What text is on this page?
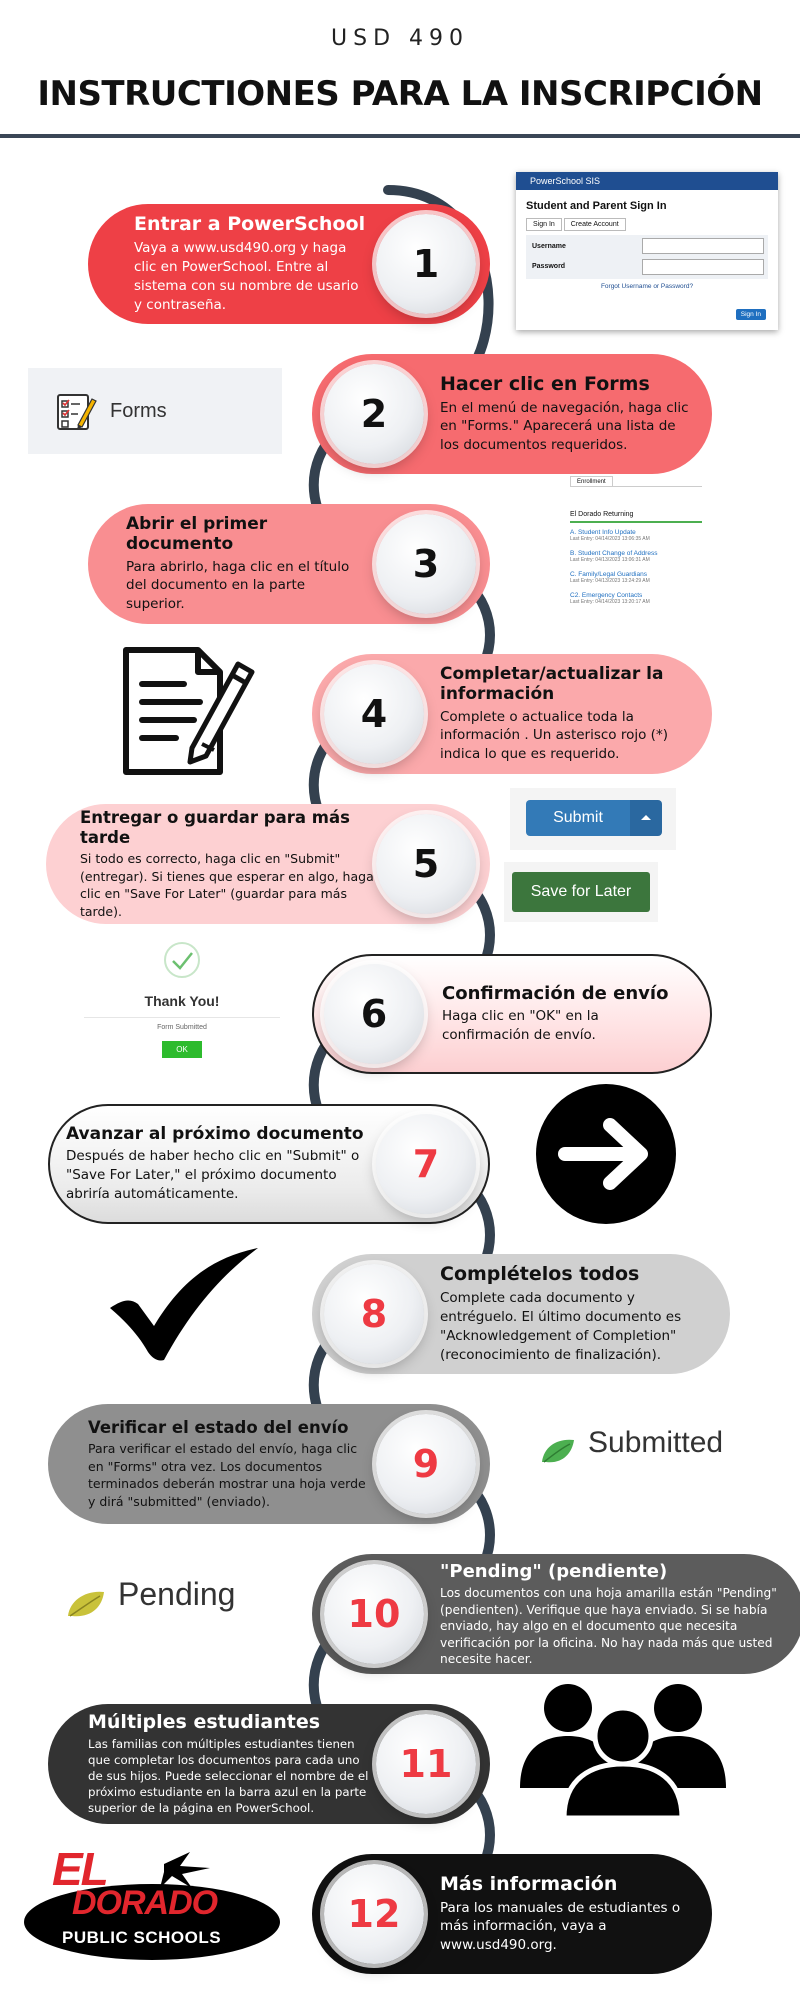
USD 490
INSTRUCTIONES PARA LA INSCRIPCIÓN
Entrar a PowerSchool

Vaya a www.usd490.org y haga clic en PowerSchool. Entre al sistema con su nombre de usario y contraseña.

1
Hacer clic en Forms

En el menú de navegación, haga clic en "Forms." Aparecerá una lista de los documentos requeridos.

2
Abrir el primer documento

Para abrirlo, haga clic en el título del documento en la parte superior.

3
Completar/actualizar la información

Complete o actualice toda la información . Un asterisco rojo (*) indica lo que es requerido.

4
Entregar o guardar para más tarde

Si todo es correcto, haga clic en "Submit" (entregar). Si tienes que esperar en algo, haga clic en "Save For Later" (guardar para más tarde).

5
Confirmación de envío

Haga clic en "OK" en la confirmación de envío.

6
Avanzar al próximo documento

Después de haber hecho clic en "Submit" o "Save For Later," el próximo documento abriría automáticamente.

7
Complételos todos

Complete cada documento y entréguelo. El último documento es "Acknowledgement of Completion" (reconocimiento de finalización).

8
Verificar el estado del envío

Para verificar el estado del envío, haga clic en "Forms" otra vez. Los documentos terminados deberán mostrar una hoja verde y dirá "submitted" (enviado).

9
"Pending" (pendiente)

Los documentos con una hoja amarilla están "Pending" (pendienten). Verifique que haya enviado. Si se había enviado, hay algo en el documento que necesita verificación por la oficina. No hay nada más que usted necesite hacer.

10
Múltiples estudiantes

Las familias con múltiples estudiantes tienen que completar los documentos para cada uno de sus hijos. Puede seleccionar el nombre de el próximo estudiante en la barra azul en la parte superior de la página en PowerSchool.

11
Más información

Para los manuales de estudiantes o más información, vaya a www.usd490.org.

12
PowerSchool SIS
Student and Parent Sign In
Sign In	Create Account
Username
Password
Forgot Username or Password?
Sign In
Forms
Enrollment
El Dorado Returning
A. Student Info Update
Last Entry: 04/14/2023 13:06:35 AM
B. Student Change of Address
Last Entry: 04/13/2023 13:06:31 AM
C. Family/Legal Guardians
Last Entry: 04/13/2023 13:24:29 AM
C2. Emergency Contacts
Last Entry: 04/14/2023 13:20:17 AM
Submit
Save for Later
Thank You!
Form Submitted
OK
Submitted
Pending
EL
DORADO
PUBLIC SCHOOLS
